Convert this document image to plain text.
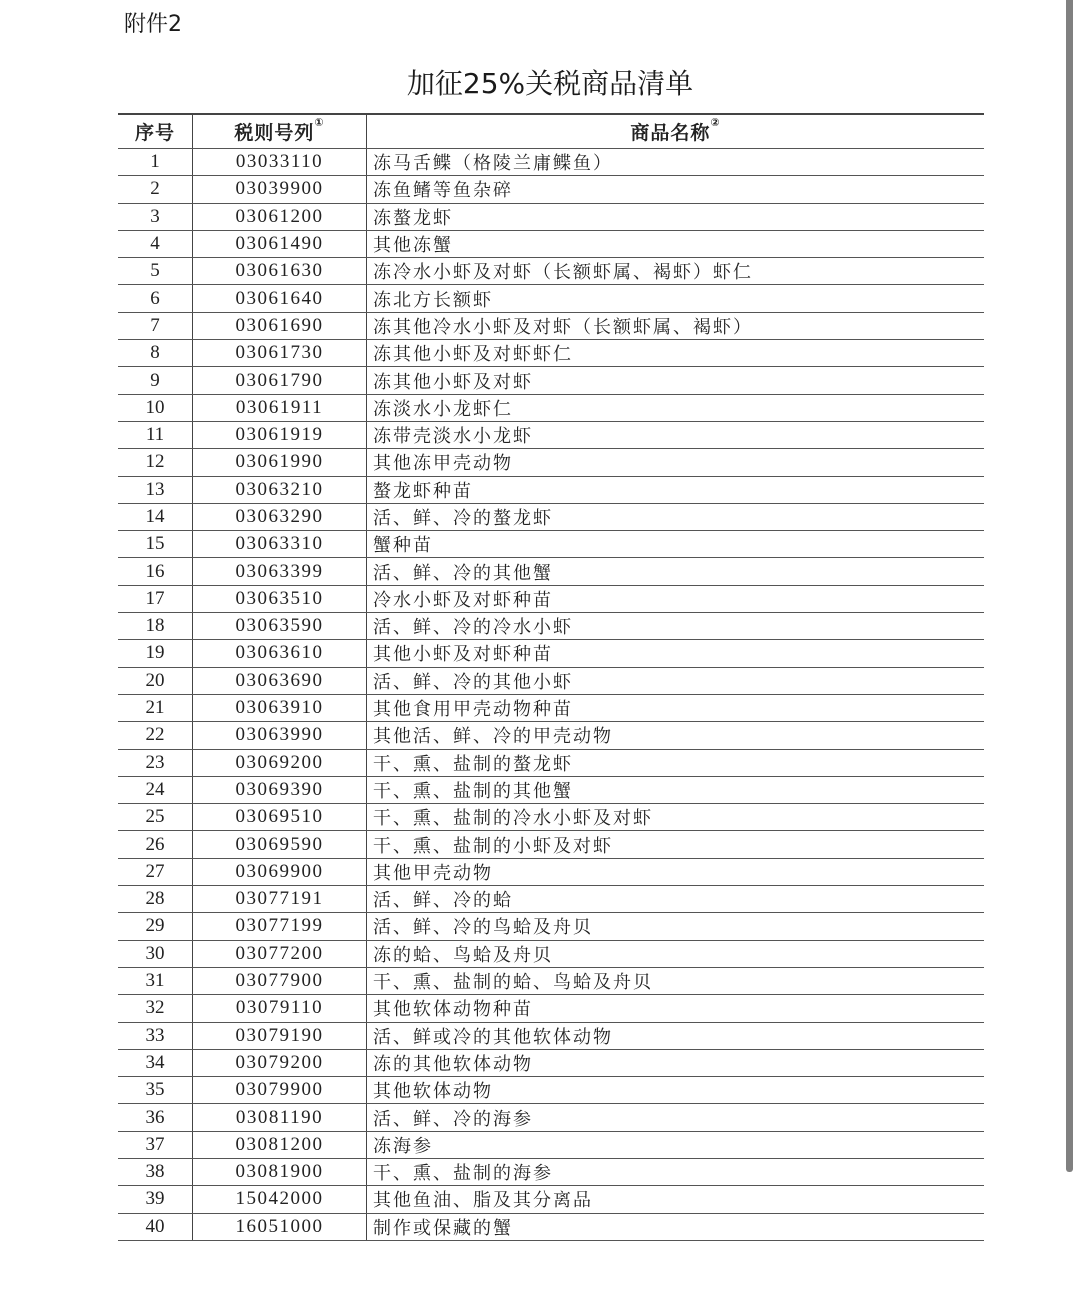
附件2
加征25%关税商品清单
序号	税则号列①	商品名称②
1	03033110	冻马舌鲽（格陵兰庸鲽鱼）
2	03039900	冻鱼鳍等鱼杂碎
3	03061200	冻螯龙虾
4	03061490	其他冻蟹
5	03061630	冻冷水小虾及对虾（长额虾属、褐虾）虾仁
6	03061640	冻北方长额虾
7	03061690	冻其他冷水小虾及对虾（长额虾属、褐虾）
8	03061730	冻其他小虾及对虾虾仁
9	03061790	冻其他小虾及对虾
10	03061911	冻淡水小龙虾仁
11	03061919	冻带壳淡水小龙虾
12	03061990	其他冻甲壳动物
13	03063210	螯龙虾种苗
14	03063290	活、鲜、冷的螯龙虾
15	03063310	蟹种苗
16	03063399	活、鲜、冷的其他蟹
17	03063510	冷水小虾及对虾种苗
18	03063590	活、鲜、冷的冷水小虾
19	03063610	其他小虾及对虾种苗
20	03063690	活、鲜、冷的其他小虾
21	03063910	其他食用甲壳动物种苗
22	03063990	其他活、鲜、冷的甲壳动物
23	03069200	干、熏、盐制的螯龙虾
24	03069390	干、熏、盐制的其他蟹
25	03069510	干、熏、盐制的冷水小虾及对虾
26	03069590	干、熏、盐制的小虾及对虾
27	03069900	其他甲壳动物
28	03077191	活、鲜、冷的蛤
29	03077199	活、鲜、冷的鸟蛤及舟贝
30	03077200	冻的蛤、鸟蛤及舟贝
31	03077900	干、熏、盐制的蛤、鸟蛤及舟贝
32	03079110	其他软体动物种苗
33	03079190	活、鲜或冷的其他软体动物
34	03079200	冻的其他软体动物
35	03079900	其他软体动物
36	03081190	活、鲜、冷的海参
37	03081200	冻海参
38	03081900	干、熏、盐制的海参
39	15042000	其他鱼油、脂及其分离品
40	16051000	制作或保藏的蟹
